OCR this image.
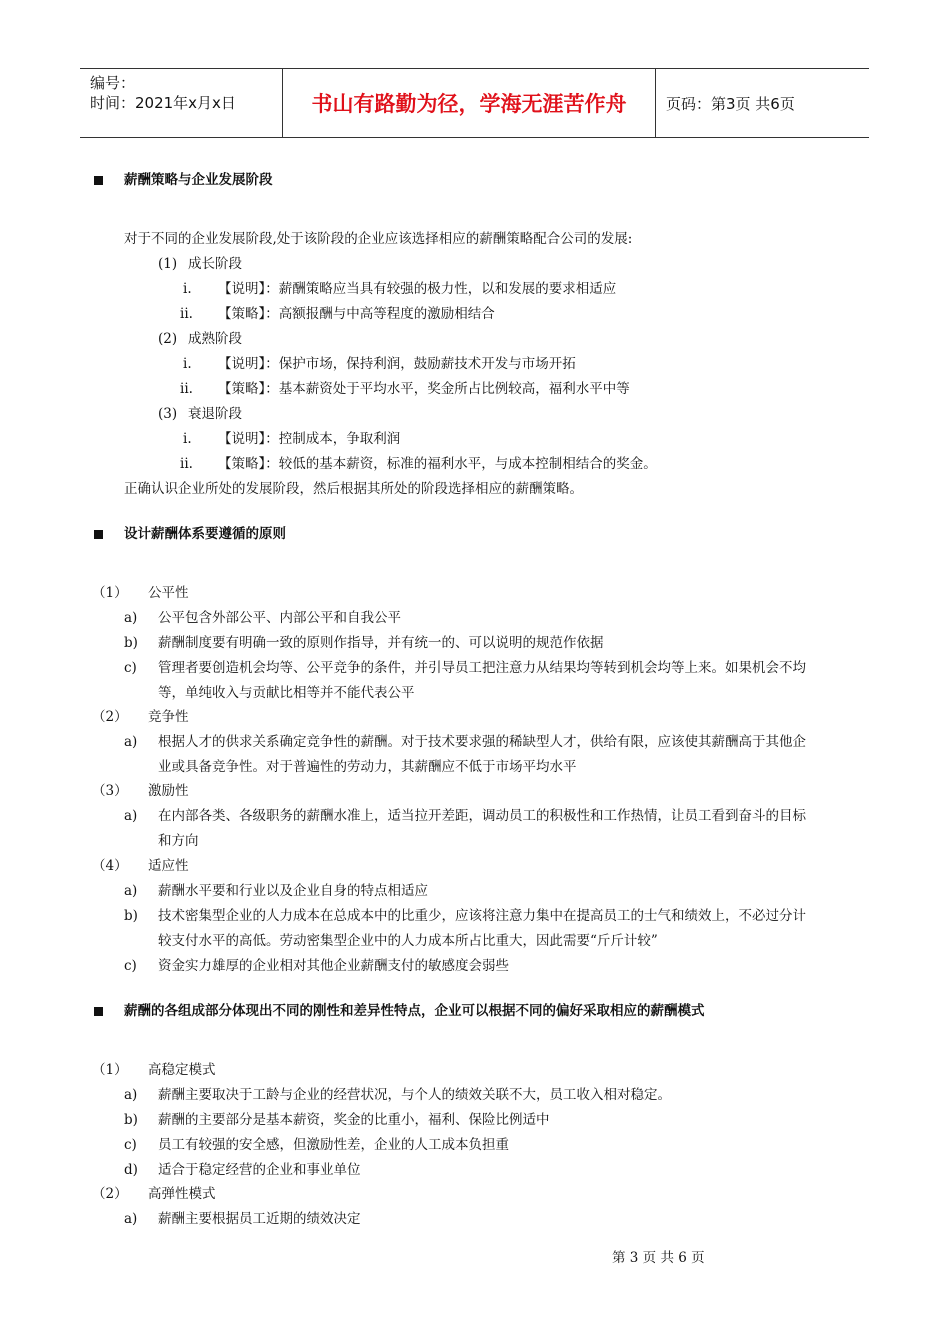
编号：
时间：2021年x月x日	书山有路勤为径，学海无涯苦作舟	页码：第3页 共6页
薪酬策略与企业发展阶段
对于不同的企业发展阶段,处于该阶段的企业应该选择相应的薪酬策略配合公司的发展:
(1) 成长阶段
i. 【说明】：薪酬策略应当具有较强的极力性，以和发展的要求相适应
ii. 【策略】：高额报酬与中高等程度的激励相结合
(2) 成熟阶段
i. 【说明】：保护市场，保持利润，鼓励薪技术开发与市场开拓
ii. 【策略】：基本薪资处于平均水平，奖金所占比例较高，福利水平中等
(3) 衰退阶段
i. 【说明】：控制成本，争取利润
ii. 【策略】：较低的基本薪资，标准的福利水平，与成本控制相结合的奖金。
正确认识企业所处的发展阶段，然后根据其所处的阶段选择相应的薪酬策略。
设计薪酬体系要遵循的原则
（1） 公平性
a) 公平包含外部公平、内部公平和自我公平
b) 薪酬制度要有明确一致的原则作指导，并有统一的、可以说明的规范作依据
c) 管理者要创造机会均等、公平竞争的条件，并引导员工把注意力从结果均等转到机会均等上来。如果机会不均
等，单纯收入与贡献比相等并不能代表公平
（2） 竞争性
a) 根据人才的供求关系确定竞争性的薪酬。对于技术要求强的稀缺型人才，供给有限，应该使其薪酬高于其他企
业或具备竞争性。对于普遍性的劳动力，其薪酬应不低于市场平均水平
（3） 激励性
a) 在内部各类、各级职务的薪酬水准上，适当拉开差距，调动员工的积极性和工作热情，让员工看到奋斗的目标
和方向
（4） 适应性
a) 薪酬水平要和行业以及企业自身的特点相适应
b) 技术密集型企业的人力成本在总成本中的比重少，应该将注意力集中在提高员工的士气和绩效上，不必过分计
较支付水平的高低。劳动密集型企业中的人力成本所占比重大，因此需要“斤斤计较”
c) 资金实力雄厚的企业相对其他企业薪酬支付的敏感度会弱些
薪酬的各组成部分体现出不同的刚性和差异性特点，企业可以根据不同的偏好采取相应的薪酬模式
（1） 高稳定模式
a) 薪酬主要取决于工龄与企业的经营状况，与个人的绩效关联不大，员工收入相对稳定。
b) 薪酬的主要部分是基本薪资，奖金的比重小，福利、保险比例适中
c) 员工有较强的安全感，但激励性差，企业的人工成本负担重
d) 适合于稳定经营的企业和事业单位
（2） 高弹性模式
a) 薪酬主要根据员工近期的绩效决定
第 3 页 共 6 页
